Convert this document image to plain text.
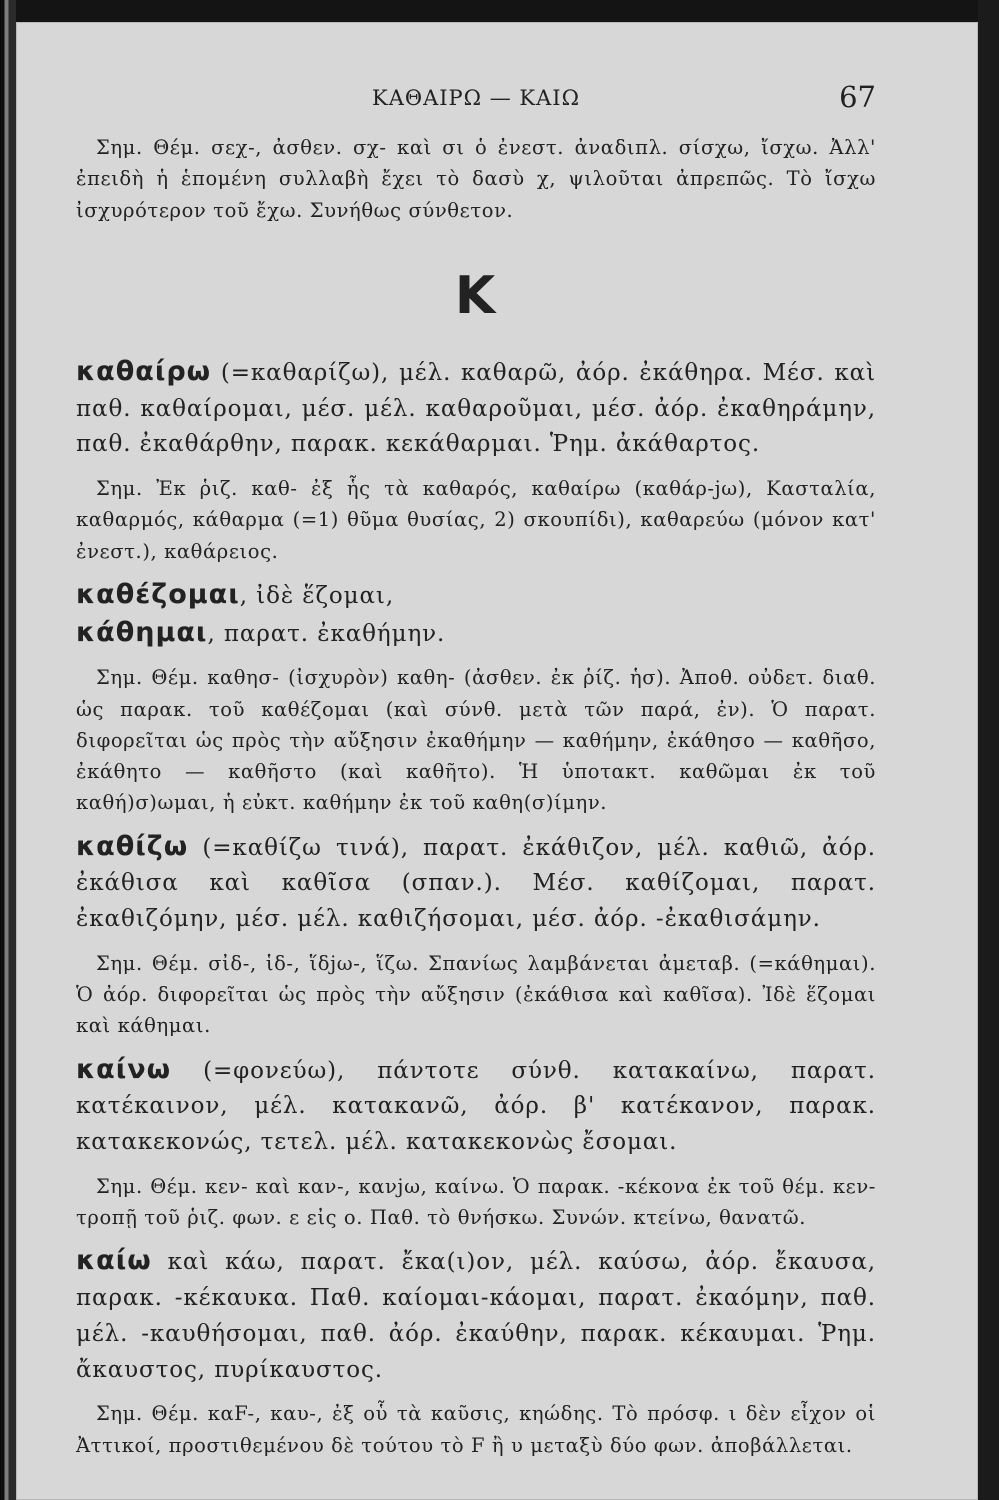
ΚΑΘΑΙΡΩ — ΚΑΙΩ	67

Σημ. Θέμ. σεχ-, ἀσθεν. σχ- καὶ σι ὁ ἐνεστ. ἀναδιπλ. σίσχω, ἴσχω. Ἀλλ' ἐπειδὴ ἡ ἑπομένη συλλαβὴ ἔχει τὸ δασὺ χ, ψιλοῦται ἀπρεπῶς. Τὸ ἴσχω ἰσχυρότερον τοῦ ἔχω. Συνήθως σύνθετον.

Κ

καθαίρω (=καθαρίζω), μέλ. καθαρῶ, ἀόρ. ἐκάθηρα. Μέσ. καὶ παθ. καθαίρομαι, μέσ. μέλ. καθαροῦμαι, μέσ. ἀόρ. ἐκαθηράμην, παθ. ἐκαθάρθην, παρακ. κεκάθαρμαι. Ῥημ. ἀκάθαρτος.

Σημ. Ἐκ ῥιζ. καθ- ἐξ ἧς τὰ καθαρός, καθαίρω (καθάρ-jω), Κασταλία, καθαρμός, κάθαρμα (=1) θῦμα θυσίας, 2) σκουπίδι), καθαρεύω (μόνον κατ' ἐνεστ.), καθάρειος.

καθέζομαι, ἰδὲ ἕζομαι,

κάθημαι, παρατ. ἐκαθήμην.

Σημ. Θέμ. καθησ- (ἰσχυρὸν) καθη- (ἀσθεν. ἐκ ῥίζ. ἡσ). Ἀποθ. οὐδετ. διαθ. ὡς παρακ. τοῦ καθέζομαι (καὶ σύνθ. μετὰ τῶν παρά, ἐν). Ὁ παρατ. διφορεῖται ὡς πρὸς τὴν αὔξησιν ἐκαθήμην — καθήμην, ἐκάθησο — καθῆσο, ἐκάθητο — καθῆστο (καὶ καθῆτο). Ἡ ὑποτακτ. καθῶμαι ἐκ τοῦ καθή)σ)ωμαι, ἡ εὐκτ. καθήμην ἐκ τοῦ καθη(σ)ίμην.

καθίζω (=καθίζω τινά), παρατ. ἐκάθιζον, μέλ. καθιῶ, ἀόρ. ἐκάθισα καὶ καθῖσα (σπαν.). Μέσ. καθίζομαι, παρατ. ἐκαθιζόμην, μέσ. μέλ. καθιζήσομαι, μέσ. ἀόρ. -ἐκαθισάμην.

Σημ. Θέμ. σἰδ-, ἱδ-, ἵδjω-, ἵζω. Σπανίως λαμβάνεται ἀμεταβ. (=κάθημαι). Ὁ ἀόρ. διφορεῖται ὡς πρὸς τὴν αὔξησιν (ἐκάθισα καὶ καθῖσα). Ἰδὲ ἕζομαι καὶ κάθημαι.

καίνω (=φονεύω), πάντοτε σύνθ. κατακαίνω, παρατ. κατέκαινον, μέλ. κατακανῶ, ἀόρ. β' κατέκανον, παρακ. κατακεκονώς, τετελ. μέλ. κατακεκονὼς ἔσομαι.

Σημ. Θέμ. κεν- καὶ καν-, κανjω, καίνω. Ὁ παρακ. -κέκονα ἐκ τοῦ θέμ. κεν- τροπῇ τοῦ ῥιζ. φων. ε εἰς ο. Παθ. τὸ θνήσκω. Συνών. κτείνω, θανατῶ.

καίω καὶ κάω, παρατ. ἔκα(ι)ον, μέλ. καύσω, ἀόρ. ἔκαυσα, παρακ. -κέκαυκα. Παθ. καίομαι-κάομαι, παρατ. ἐκαόμην, παθ. μέλ. -καυθήσομαι, παθ. ἀόρ. ἐκαύθην, παρακ. κέκαυμαι. Ῥημ. ἄκαυστος, πυρίκαυστος.

Σημ. Θέμ. καF-, καυ-, ἐξ οὗ τὰ καῦσις, κηώδης. Τὸ πρόσφ. ι δὲν εἶχον οἱ Ἀττικοί, προστιθεμένου δὲ τούτου τὸ F ἢ υ μεταξὺ δύο φων. ἀποβάλλεται.
